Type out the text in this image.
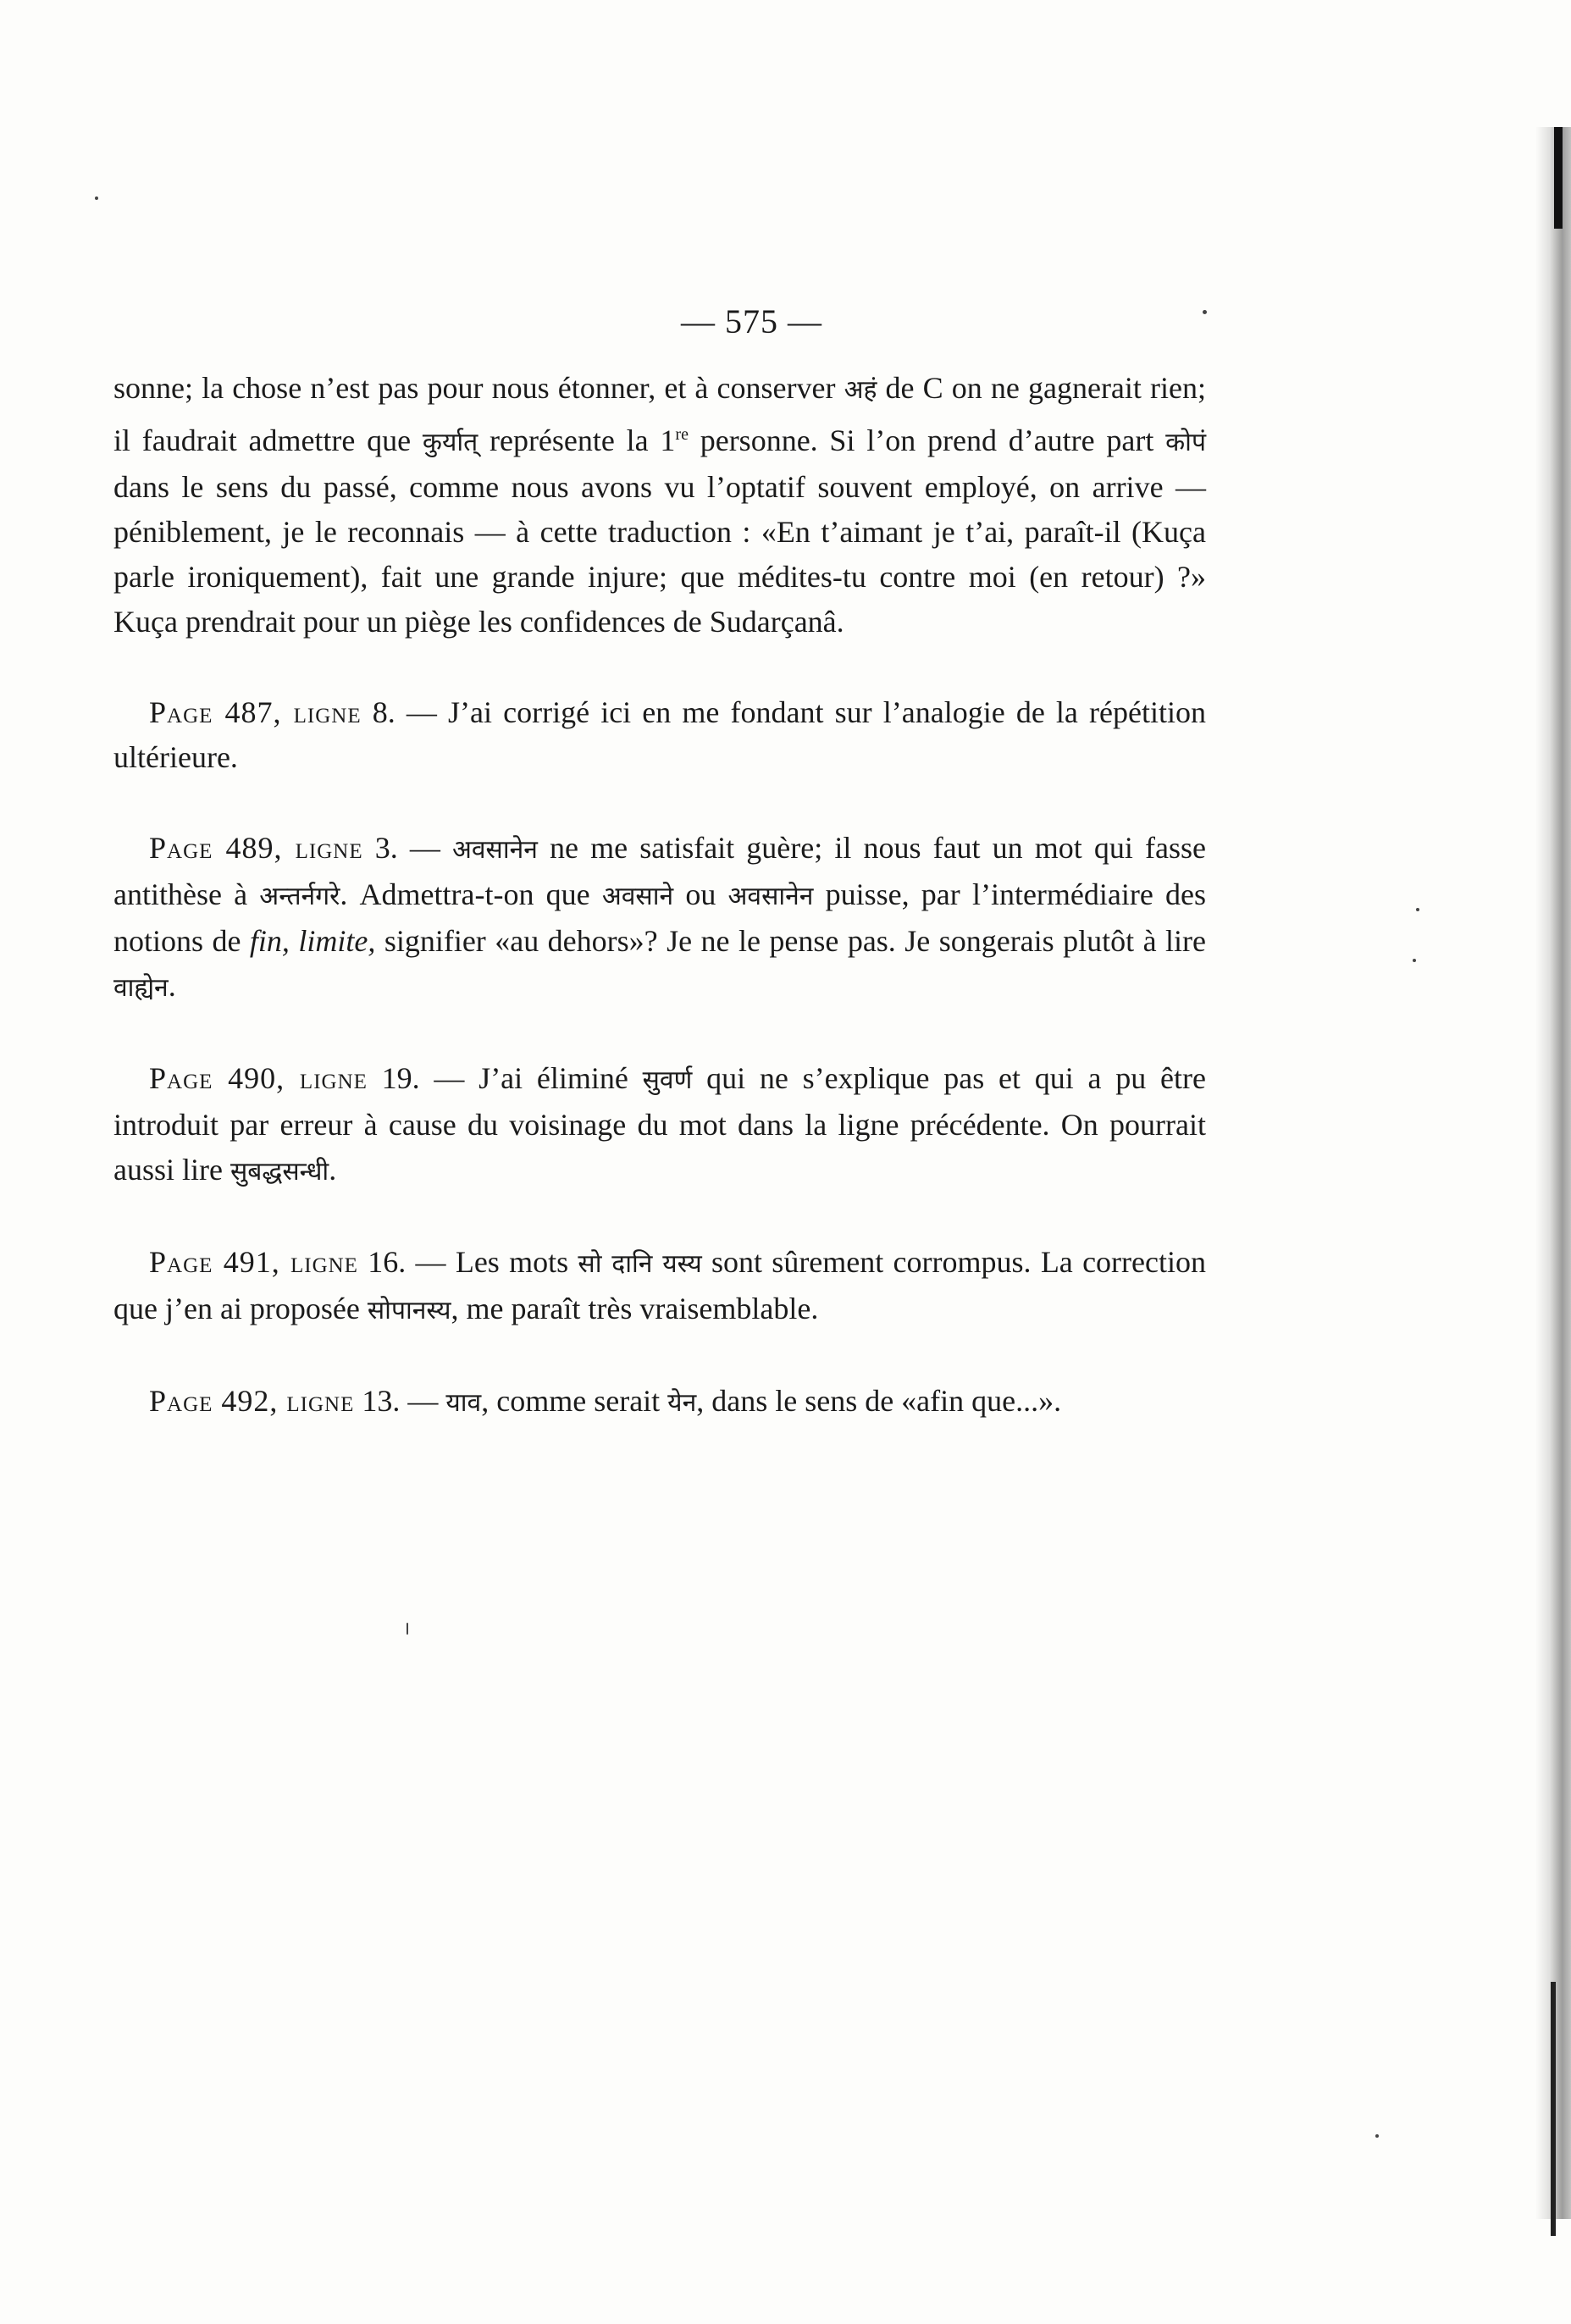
— 575 —

sonne; la chose n’est pas pour nous étonner, et à conserver अहं de C on ne gagnerait rien; il faudrait admettre que कुर्यात् représente la 1re personne. Si l’on prend d’autre part कोपं dans le sens du passé, comme nous avons vu l’optatif souvent employé, on arrive — péniblement, je le reconnais — à cette traduction : «En t’aimant je t’ai, paraît-il (Kuça parle ironiquement), fait une grande injure; que médites-tu contre moi (en retour) ?» Kuça prendrait pour un piège les confidences de Sudarçanâ.

Page 487, ligne 8. — J’ai corrigé ici en me fondant sur l’analogie de la répétition ultérieure.

Page 489, ligne 3. — अवसानेन ne me satisfait guère; il nous faut un mot qui fasse antithèse à अन्तर्नगरे. Admettra-t-on que अवसाने ou अवसानेन puisse, par l’intermédiaire des notions de fin, limite, signifier «au dehors»? Je ne le pense pas. Je songerais plutôt à lire वाह्येन.

Page 490, ligne 19. — J’ai éliminé सुवर्ण qui ne s’explique pas et qui a pu être introduit par erreur à cause du voisinage du mot dans la ligne précédente. On pourrait aussi lire सुबद्धसन्धी.

Page 491, ligne 16. — Les mots सो दानि यस्य sont sûrement corrompus. La correction que j’en ai proposée सोपानस्य, me paraît très vraisemblable.

Page 492, ligne 13. — याव, comme serait येन, dans le sens de «afin que...».
